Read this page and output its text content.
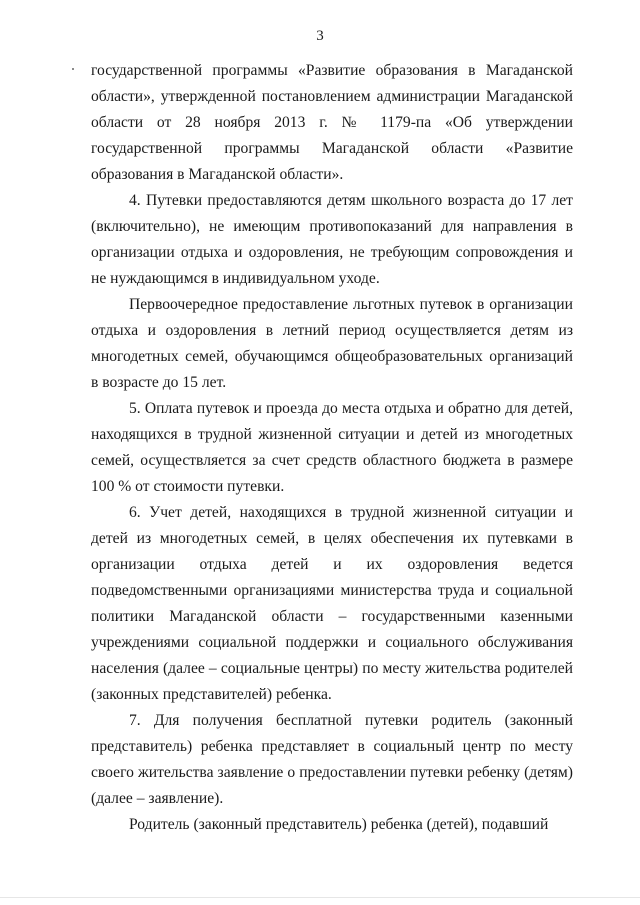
3

государственной программы «Развитие образования в Магаданской области», утвержденной постановлением администрации Магаданской области от 28 ноября 2013 г. № 1179-па «Об утверждении государственной программы Магаданской области «Развитие образования в Магаданской области».

4. Путевки предоставляются детям школьного возраста до 17 лет (включительно), не имеющим противопоказаний для направления в организации отдыха и оздоровления, не требующим сопровождения и не нуждающимся в индивидуальном уходе.

Первоочередное предоставление льготных путевок в организации отдыха и оздоровления в летний период осуществляется детям из многодетных семей, обучающимся общеобразовательных организаций в возрасте до 15 лет.

5. Оплата путевок и проезда до места отдыха и обратно для детей, находящихся в трудной жизненной ситуации и детей из многодетных семей, осуществляется за счет средств областного бюджета в размере 100 % от стоимости путевки.

6. Учет детей, находящихся в трудной жизненной ситуации и детей из многодетных семей, в целях обеспечения их путевками в организации отдыха детей и их оздоровления ведется подведомственными организациями министерства труда и социальной политики Магаданской области – государственными казенными учреждениями социальной поддержки и социального обслуживания населения (далее – социальные центры) по месту жительства родителей (законных представителей) ребенка.

7. Для получения бесплатной путевки родитель (законный представитель) ребенка представляет в социальный центр по месту своего жительства заявление о предоставлении путевки ребенку (детям) (далее – заявление).

Родитель (законный представитель) ребенка (детей), подавший
